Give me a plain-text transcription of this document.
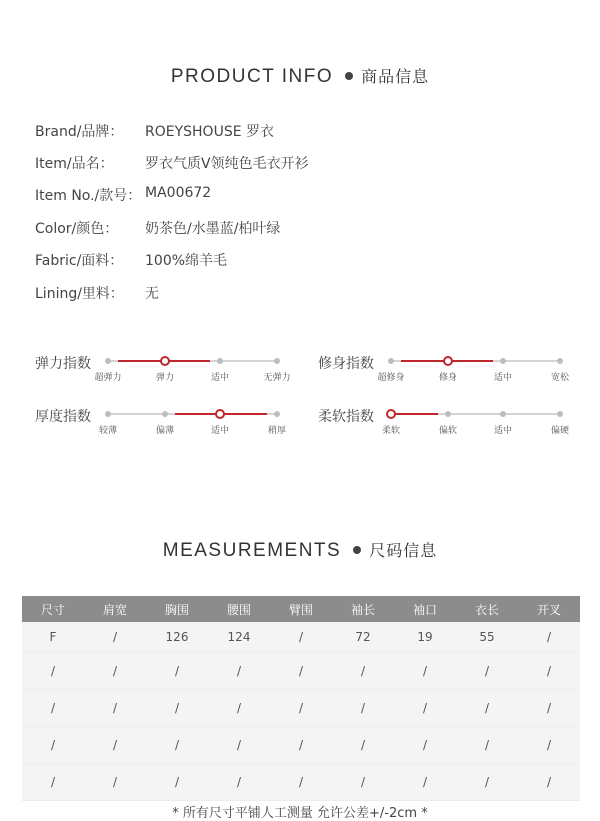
PRODUCT INFO 商品信息
Brand/品牌： ROEYSHOUSE 罗衣
Item/品名： 罗衣气质V领纯色毛衣开衫
Item No./款号： MA00672
Color/颜色： 奶茶色/水墨蓝/柏叶绿
Fabric/面料： 100%绵羊毛
Lining/里料： 无
弹力指数
超弹力	弹力	适中	无弹力
修身指数
超修身	修身	适中	宽松
厚度指数
较薄	偏薄	适中	稍厚
柔软指数
柔软	偏软	适中	偏硬
MEASUREMENTS 尺码信息
尺寸	肩宽	胸围	腰围	臂围	袖长	袖口	衣长	开叉
F	/	126	124	/	72	19	55	/
/	/	/	/	/	/	/	/	/
/	/	/	/	/	/	/	/	/
/	/	/	/	/	/	/	/	/
/	/	/	/	/	/	/	/	/
* 所有尺寸平铺人工测量 允许公差+/-2cm *
